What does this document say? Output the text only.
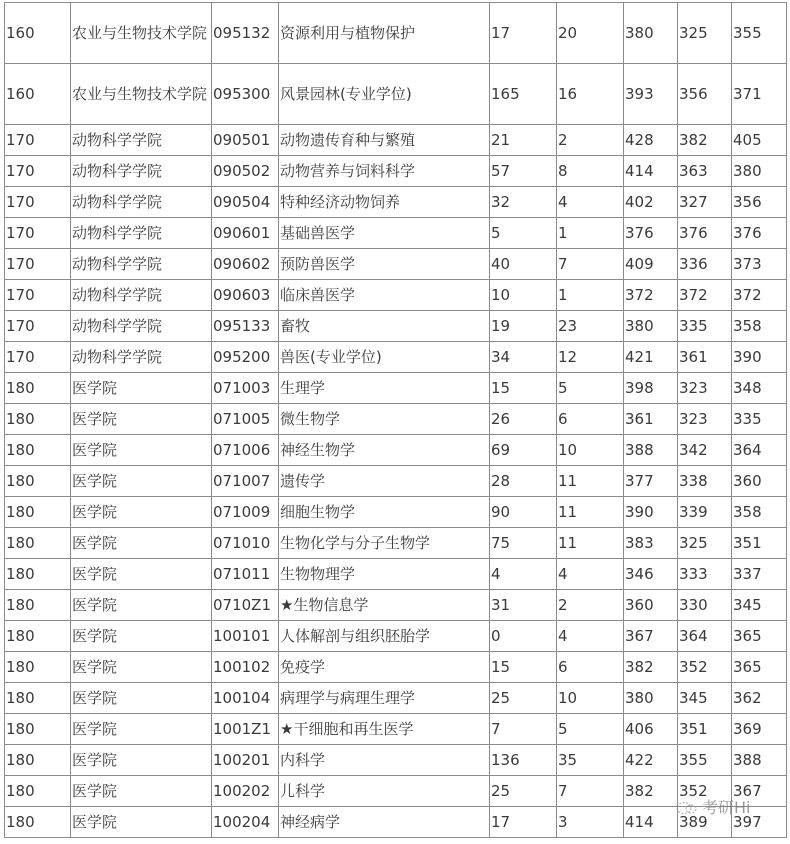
160	农业与生物技术学院	095132	资源利用与植物保护	17	20	380	325	355
160	农业与生物技术学院	095300	风景园林(专业学位)	165	16	393	356	371
170	动物科学学院	090501	动物遗传育种与繁殖	21	2	428	382	405
170	动物科学学院	090502	动物营养与饲料科学	57	8	414	363	380
170	动物科学学院	090504	特种经济动物饲养	32	4	402	327	356
170	动物科学学院	090601	基础兽医学	5	1	376	376	376
170	动物科学学院	090602	预防兽医学	40	7	409	336	373
170	动物科学学院	090603	临床兽医学	10	1	372	372	372
170	动物科学学院	095133	畜牧	19	23	380	335	358
170	动物科学学院	095200	兽医(专业学位)	34	12	421	361	390
180	医学院	071003	生理学	15	5	398	323	348
180	医学院	071005	微生物学	26	6	361	323	335
180	医学院	071006	神经生物学	69	10	388	342	364
180	医学院	071007	遗传学	28	11	377	338	360
180	医学院	071009	细胞生物学	90	11	390	339	358
180	医学院	071010	生物化学与分子生物学	75	11	383	325	351
180	医学院	071011	生物物理学	4	4	346	333	337
180	医学院	0710Z1	★生物信息学	31	2	360	330	345
180	医学院	100101	人体解剖与组织胚胎学	0	4	367	364	365
180	医学院	100102	免疫学	15	6	382	352	365
180	医学院	100104	病理学与病理生理学	25	10	380	345	362
180	医学院	1001Z1	★干细胞和再生医学	7	5	406	351	369
180	医学院	100201	内科学	136	35	422	355	388
180	医学院	100202	儿科学	25	7	382	352	367
180	医学院	100204	神经病学	17	3	414	389	397
考研Hi
